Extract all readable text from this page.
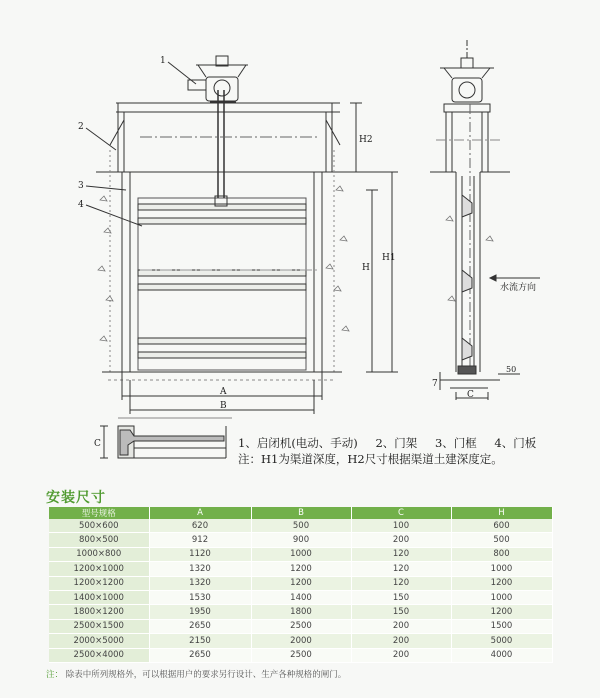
1
2
3
4
H2
H
H1
A
B
水流方向
7
C
50
C	1、启闭机(电动、手动) 2、门架 3、门框 4、门板
注：H1为渠道深度，H2尺寸根据渠道土建深度定。
安装尺寸
型号规格	A	B	C	H
500×600	620	500	100	600
800×500	912	900	200	500
1000×800	1120	1000	120	800
1200×1000	1320	1200	120	1000
1200×1200	1320	1200	120	1200
1400×1000	1530	1400	150	1000
1800×1200	1950	1800	150	1200
2500×1500	2650	2500	200	1500
2000×5000	2150	2000	200	5000
2500×4000	2650	2500	200	4000
注： 除表中所列规格外，可以根据用户的要求另行设计、生产各种规格的闸门。
